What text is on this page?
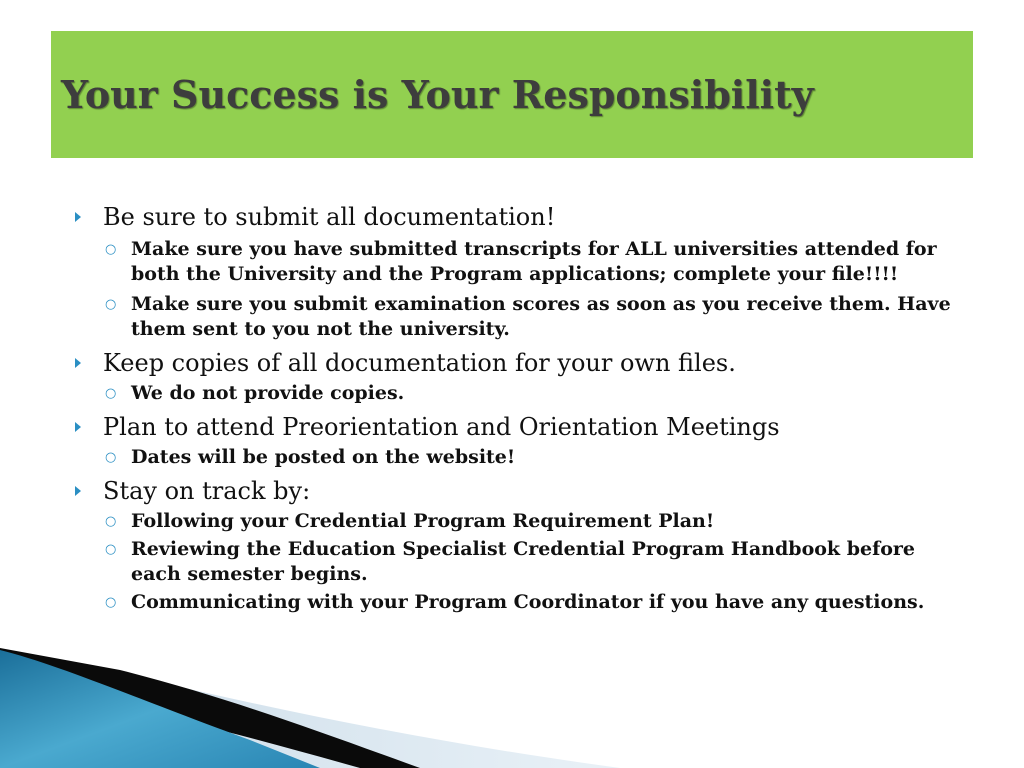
Your Success is Your Responsibility
Be sure to submit all documentation!
○ Make sure you have submitted transcripts for ALL universities attended for both the University and the Program applications; complete your file!!!!
○ Make sure you submit examination scores as soon as you receive them. Have them sent to you not the university.
Keep copies of all documentation for your own files.
○ We do not provide copies.
Plan to attend Preorientation and Orientation Meetings
○ Dates will be posted on the website!
Stay on track by:
○ Following your Credential Program Requirement Plan!
○ Reviewing the Education Specialist Credential Program Handbook before each semester begins.
○ Communicating with your Program Coordinator if you have any questions.
